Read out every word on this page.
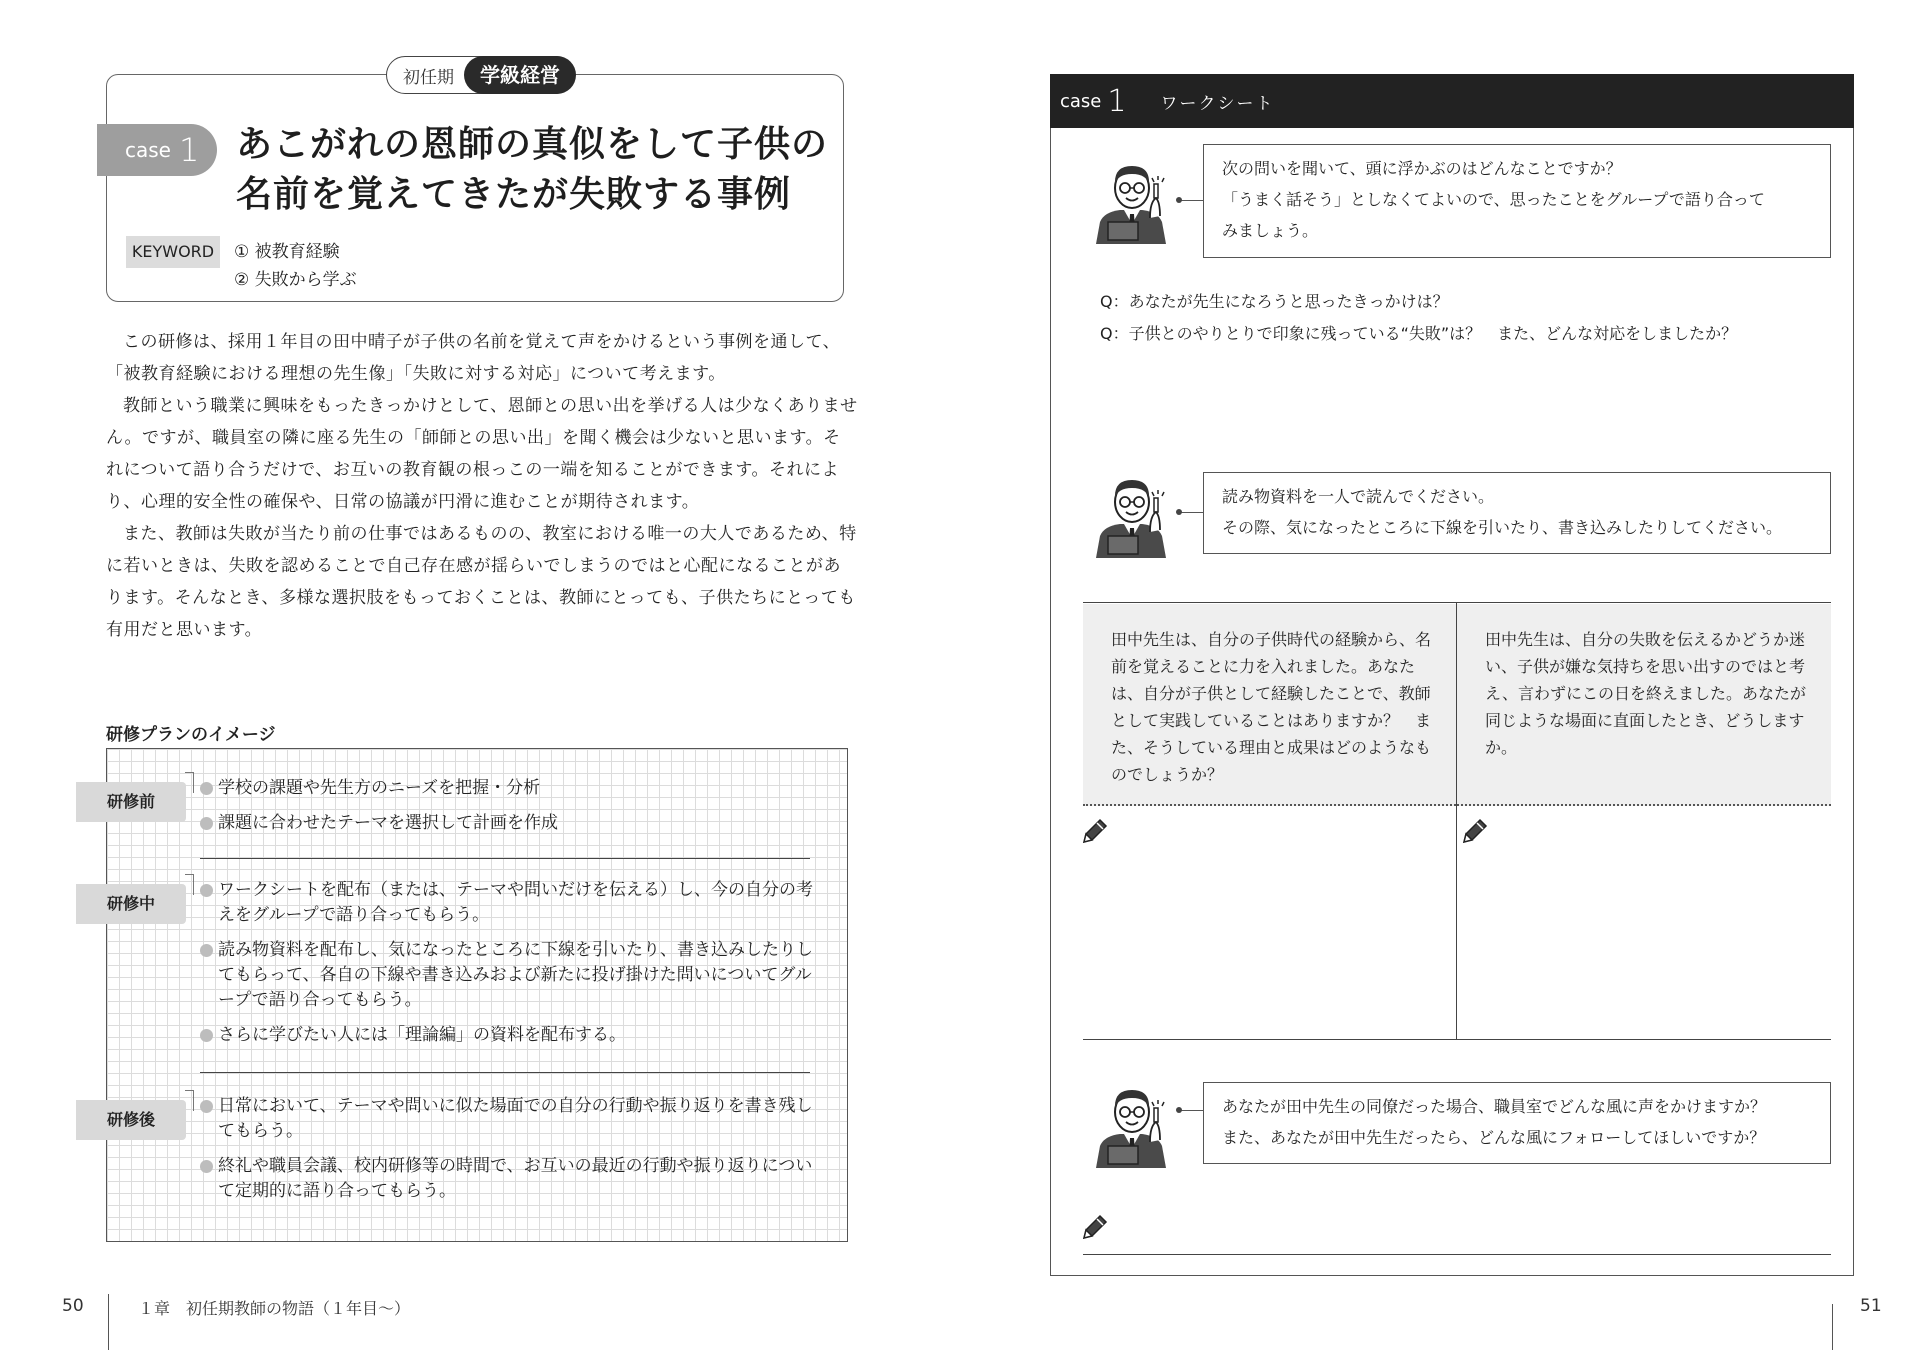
初任期	学級経営
case 1 あこがれの恩師の真似をして子供の
名前を覚えてきたが失敗する事例
KEYWORD	① 被教育経験
② 失敗から学ぶ

この研修は、採用１年目の田中晴子が子供の名前を覚えて声をかけるという事例を通して、「被教育経験における理想の先生像」「失敗に対する対応」について考えます。

教師という職業に興味をもったきっかけとして、恩師との思い出を挙げる人は少なくありません。ですが、職員室の隣に座る先生の「師師との思い出」を聞く機会は少ないと思います。それについて語り合うだけで、お互いの教育観の根っこの一端を知ることができます。それにより、心理的安全性の確保や、日常の協議が円滑に進むことが期待されます。

また、教師は失敗が当たり前の仕事ではあるものの、教室における唯一の大人であるため、特に若いときは、失敗を認めることで自己存在感が揺らいでしまうのではと心配になることがあります。そんなとき、多様な選択肢をもっておくことは、教師にとっても、子供たちにとっても有用だと思います。

研修プランのイメージ
研修前
学校の課題や先生方のニーズを把握・分析
課題に合わせたテーマを選択して計画を作成
研修中
ワークシートを配布（または、テーマや問いだけを伝える）し、今の自分の考えをグループで語り合ってもらう。
読み物資料を配布し、気になったところに下線を引いたり、書き込みしたりしてもらって、各自の下線や書き込みおよび新たに投げ掛けた問いについてグループで語り合ってもらう。
さらに学びたい人には「理論編」の資料を配布する。
研修後
日常において、テーマや問いに似た場面での自分の行動や振り返りを書き残してもらう。
終礼や職員会議、校内研修等の時間で、お互いの最近の行動や振り返りについて定期的に語り合ってもらう。
50	１章　初任期教師の物語（１年目〜）
case 1 ワークシート
次の問いを聞いて、頭に浮かぶのはどんなことですか？
「うまく話そう」としなくてよいので、思ったことをグループで語り合って
みましょう。
Q：あなたが先生になろうと思ったきっかけは？
Q：子供とのやりとりで印象に残っている“失敗”は？　また、どんな対応をしましたか？
読み物資料を一人で読んでください。
その際、気になったところに下線を引いたり、書き込みしたりしてください。
田中先生は、自分の子供時代の経験から、名前を覚えることに力を入れました。あなたは、自分が子供として経験したことで、教師として実践していることはありますか？　また、そうしている理由と成果はどのようなものでしょうか？
田中先生は、自分の失敗を伝えるかどうか迷い、子供が嫌な気持ちを思い出すのではと考え、言わずにこの日を終えました。あなたが同じような場面に直面したとき、どうしますか。
あなたが田中先生の同僚だった場合、職員室でどんな風に声をかけますか？
また、あなたが田中先生だったら、どんな風にフォローしてほしいですか？
51
